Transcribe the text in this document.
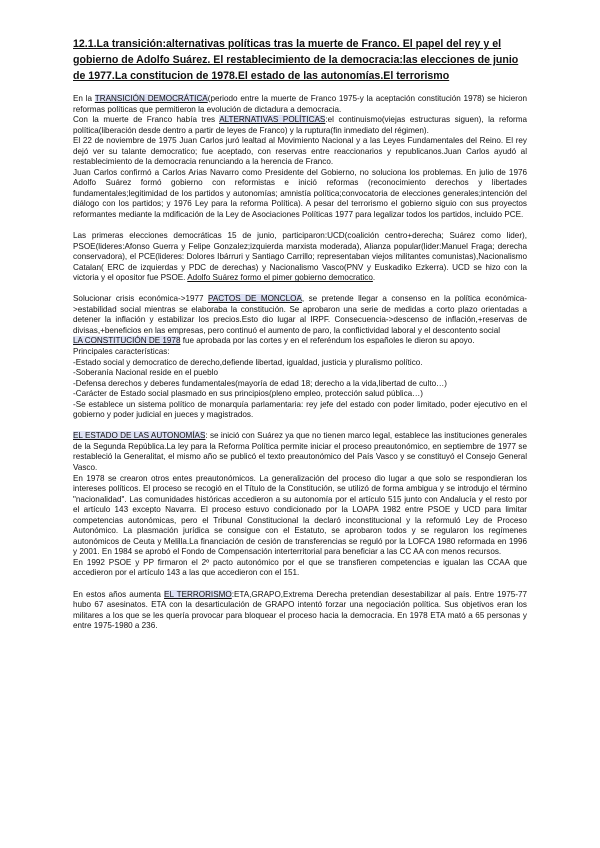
12.1.La transición:alternativas políticas tras la muerte de Franco. El papel del rey y el gobierno de Adolfo Suárez. El restablecimiento de la democracia:las elecciones de junio de 1977.La constitucion de 1978.El estado de las autonomías.El terrorismo

En la TRANSICIÓN DEMOCRÁTICA(periodo entre la muerte de Franco 1975-y la aceptación constitución 1978) se hicieron reformas políticas que permitieron la evolución de dictadura a democracia.

Con la muerte de Franco había tres ALTERNATIVAS POLÍTICAS:el continuismo(viejas estructuras siguen), la reforma política(liberación desde dentro a partir de leyes de Franco) y la ruptura(fin inmediato del régimen).

El 22 de noviembre de 1975 Juan Carlos juró lealtad al Movimiento Nacional y a las Leyes Fundamentales del Reino. El rey dejó ver su talante democratico; fue aceptado, con reservas entre reaccionarios y republicanos.Juan Carlos ayudó al restablecimiento de la democracia renunciando a la herencia de Franco.

Juan Carlos confirmó a Carlos Arias Navarro como Presidente del Gobierno, no soluciona los problemas. En julio de 1976 Adolfo Suárez formó gobierno con reformistas e inició reformas (reconocimiento derechos y libertades fundamentales;legitimidad de los partidos y autonomías; amnistía política;convocatoria de elecciones generales;intención del diálogo con los partidos; y 1976 Ley para la reforma Política). A pesar del terrorismo el gobierno siguio con sus proyectos reformantes mediante la mdificación de la Ley de Asociaciones Políticas 1977 para legalizar todos los partidos, incluido PCE.

Las primeras elecciones democráticas 15 de junio, participaron:UCD(coalición centro+derecha; Suárez como lider), PSOE(lideres:Afonso Guerra y Felipe Gonzalez;izquierda marxista moderada), Alianza popular(lider:Manuel Fraga; derecha conservadora), el PCE(lideres: Dolores Ibárruri y Santiago Carrillo; representaban viejos militantes comunistas),Nacionalismo Catalan( ERC de izquierdas y PDC de derechas) y Nacionalismo Vasco(PNV y Euskadiko Ezkerra). UCD se hizo con la victoria y el opositor fue PSOE. Adolfo Suárez formo el pimer gobierno democratico.

Solucionar crisis económica->1977 PACTOS DE MONCLOA, se pretende llegar a consenso en la política económica->estabilidad social mientras se elaboraba la constitución. Se aprobaron una serie de medidas a corto plazo orientadas a detener la inflación y estabilizar los precios.Esto dio lugar al IRPF. Consecuencia->descenso de inflación,+reservas de divisas,+beneficios en las empresas, pero continuó el aumento de paro, la conflictividad laboral y el descontento social

LA CONSTITUCIÓN DE 1978 fue aprobada por las cortes y en el referéndum los españoles le dieron su apoyo.

Principales características:

-Estado social y democratico de derecho,defiende libertad, igualdad, justicia y pluralismo político.

-Soberanía Nacional reside en el pueblo

-Defensa derechos y deberes fundamentales(mayoría de edad 18; derecho a la vida,libertad de culto…)

-Carácter de Estado social plasmado en sus principios(pleno empleo, protección salud pública…)

-Se establece un sistema político de monarquía parlamentaria: rey jefe del estado con poder limitado, poder ejecutivo en el gobierno y poder judicial en jueces y magistrados.

EL ESTADO DE LAS AUTONOMÍAS: se inició con Suárez ya que no tienen marco legal, establece las instituciones generales de la Segunda República.La ley para la Reforma Política permite iniciar el proceso preautonómico, en septiembre de 1977 se restableció la Generalitat, el mismo año se publicó el texto preautonómico del País Vasco y se constituyó el Consejo General Vasco.

En 1978 se crearon otros entes preautonómicos. La generalización del proceso dio lugar a que solo se respondieran los intereses políticos. El proceso se recogió en el Título de la Constitución, se utilizó de forma ambigua y se introdujo el término "nacionalidad". Las comunidades históricas accedieron a su autonomía por el artículo 515 junto con Andalucía y el resto por el artículo 143 excepto Navarra. El proceso estuvo condicionado por la LOAPA 1982 entre PSOE y UCD para limitar competencias autonómicas, pero el Tribunal Constitucional la declaró inconstitucional y la reformuló Ley de Proceso Autonómico. La plasmación jurídica se consigue con el Estatuto, se aprobaron todos y se regularon los regímenes autonómicos de Ceuta y Melilla.La financiación de cesión de transferencias se reguló por la LOFCA 1980 reformada en 1996 y 2001. En 1984 se aprobó el Fondo de Compensación interterritorial para beneficiar a las CC AA con menos recursos.

En 1992 PSOE y PP firmaron el 2º pacto autonómico por el que se transfieren competencias e igualan las CCAA que accedieron por el artículo 143 a las que accedieron con el 151.

En estos años aumenta EL TERRORISMO:ETA,GRAPO,Extrema Derecha pretendian desestabilizar al país. Entre 1975-77 hubo 67 asesinatos. ETA con la desarticulación de GRAPO intentó forzar una negociación política. Sus objetivos eran los militares a los que se les quería provocar para bloquear el proceso hacia la democracia. En 1978 ETA mató a 65 personas y entre 1975-1980 a 236.
